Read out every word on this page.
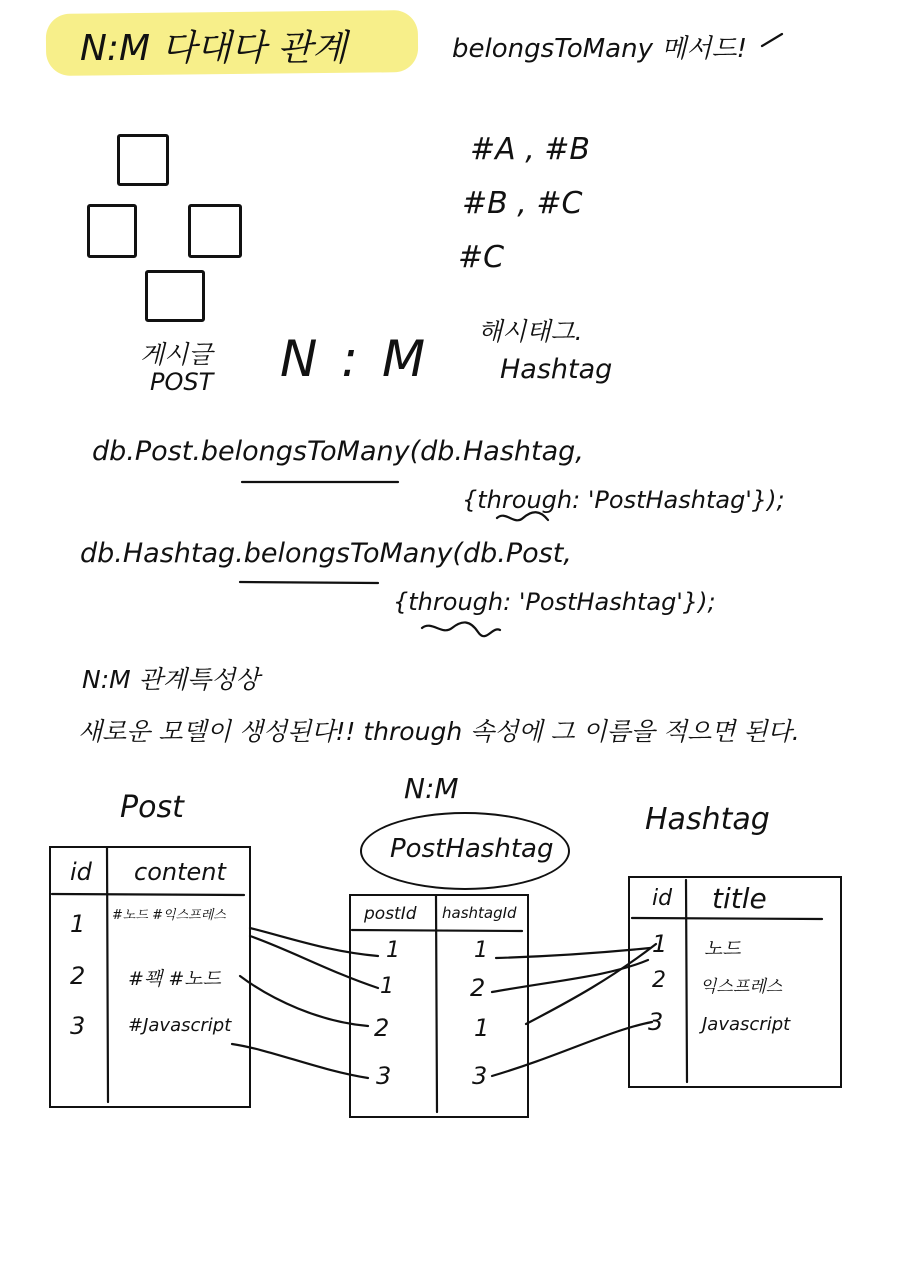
N:M 다대다 관계	belongsToMany 메서드!
게시글
POST N : M
#A , #B
#B , #C
#C
해시태그.
Hashtag
db.Post.belongsToMany(db.Hashtag,
{through: 'PostHashtag'});
db.Hashtag.belongsToMany(db.Post,
{through: 'PostHashtag'});
N:M 관계특성상
새로운 모델이 생성된다!! through 속성에 그 이름을 적으면 된다.
Post
N:M
PostHashtag
Hashtag
id content
1 #노드 #익스프레스
2 #꽥 #노드
3 #Javascript
postId hashtagId
1	1
1	2
2	1
3	3
id title
1 노드
2 익스프레스
3 Javascript
